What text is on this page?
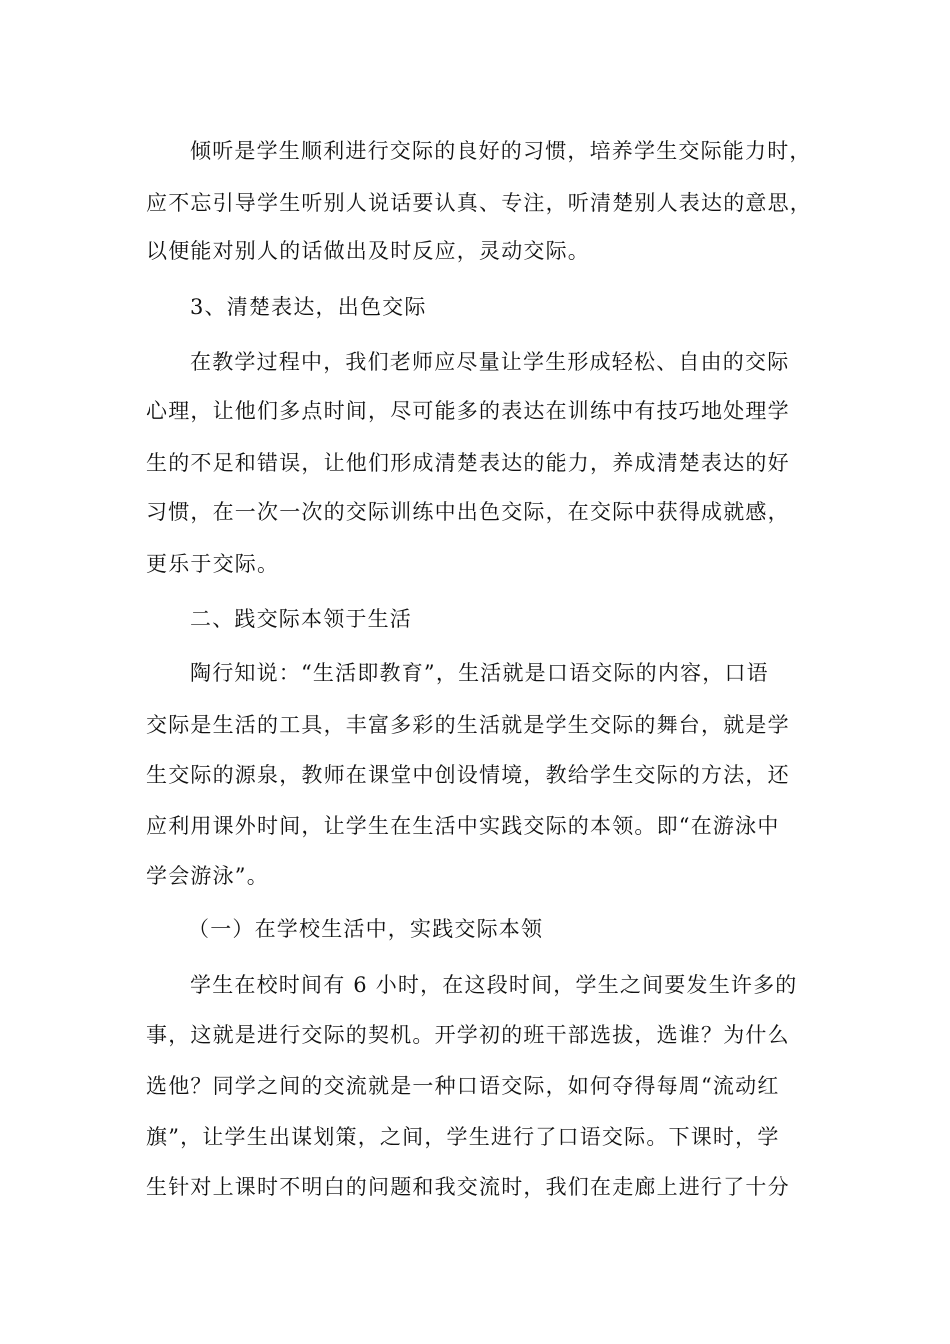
倾听是学生顺利进行交际的良好的习惯，培养学生交际能力时，
应不忘引导学生听别人说话要认真、专注，听清楚别人表达的意思，
以便能对别人的话做出及时反应，灵动交际。
3、清楚表达，出色交际
在教学过程中，我们老师应尽量让学生形成轻松、自由的交际
心理，让他们多点时间，尽可能多的表达在训练中有技巧地处理学
生的不足和错误，让他们形成清楚表达的能力，养成清楚表达的好
习惯，在一次一次的交际训练中出色交际，在交际中获得成就感，
更乐于交际。
二、践交际本领于生活
陶行知说：“生活即教育”，生活就是口语交际的内容，口语
交际是生活的工具，丰富多彩的生活就是学生交际的舞台，就是学
生交际的源泉，教师在课堂中创设情境，教给学生交际的方法，还
应利用课外时间，让学生在生活中实践交际的本领。即“在游泳中
学会游泳”。
（一）在学校生活中，实践交际本领
学生在校时间有 6 小时，在这段时间，学生之间要发生许多的
事，这就是进行交际的契机。开学初的班干部选拔，选谁？为什么
选他？同学之间的交流就是一种口语交际，如何夺得每周“流动红
旗”，让学生出谋划策，之间，学生进行了口语交际。下课时，学
生针对上课时不明白的问题和我交流时，我们在走廊上进行了十分
